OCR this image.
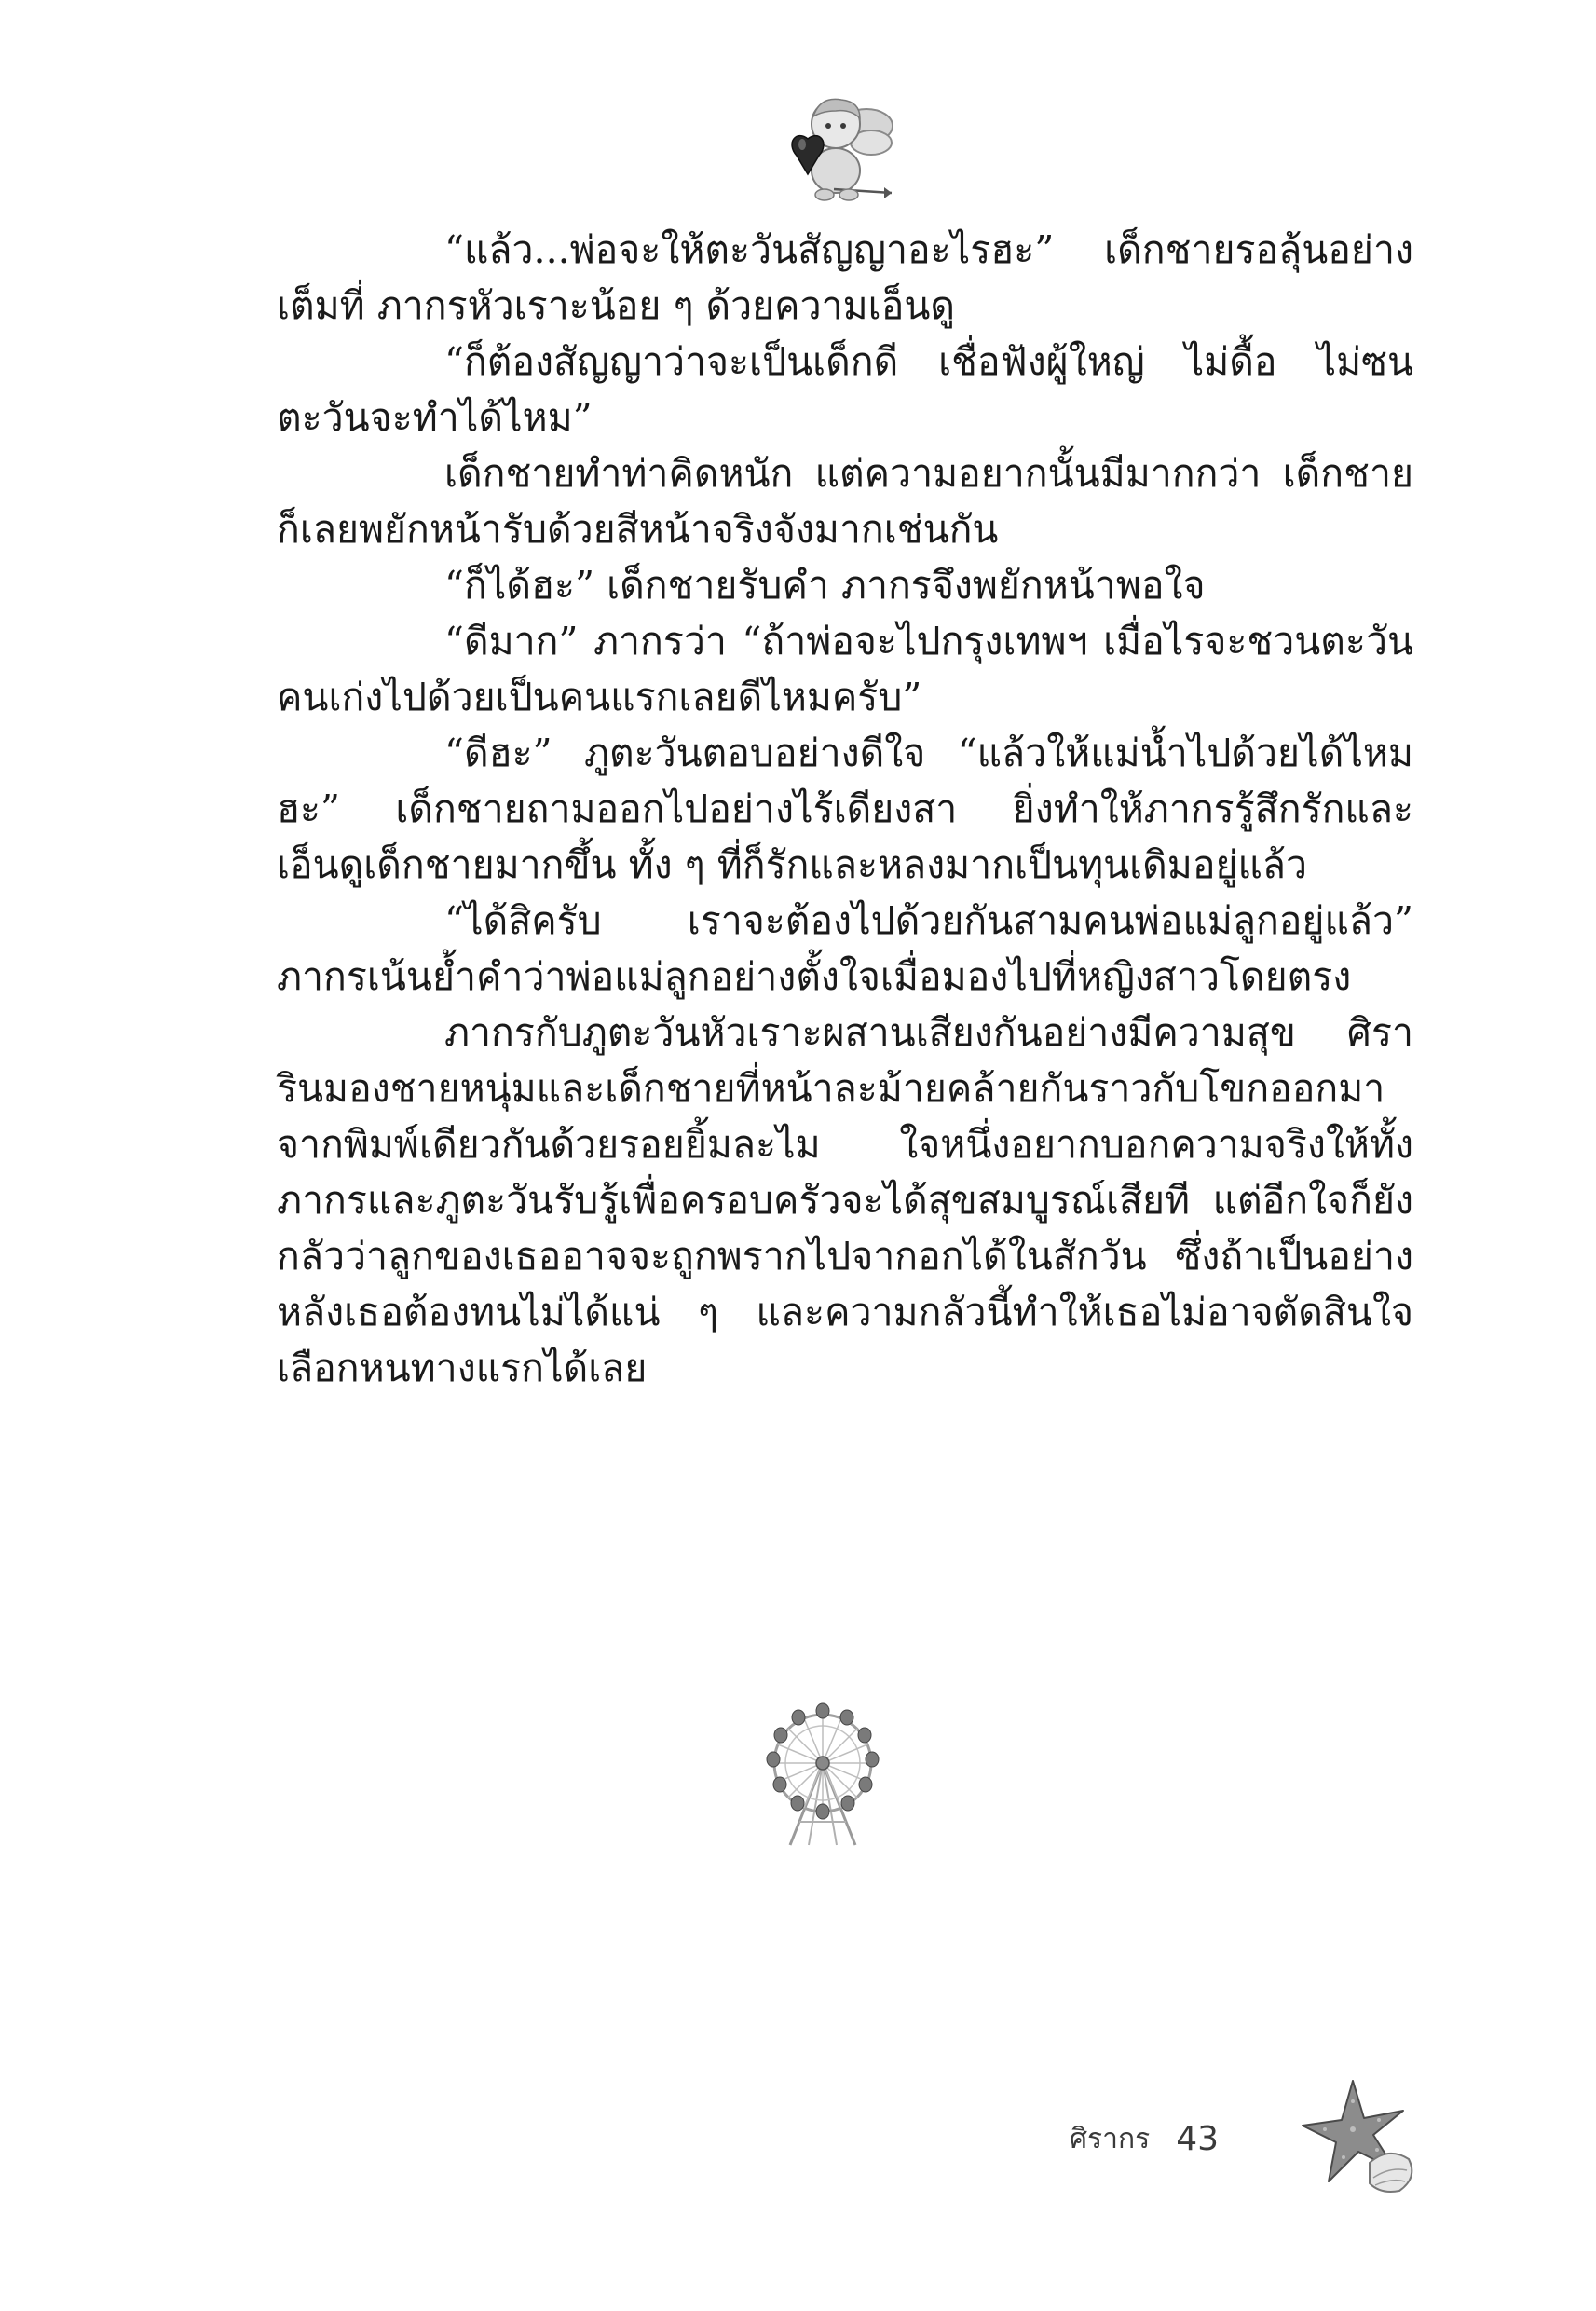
“แล้ว...พ่อจะให้ตะวันสัญญาอะไรฮะ” เด็กชายรอลุ้นอย่างเต็มที่ ภากรหัวเราะน้อย ๆ ด้วยความเอ็นดู

“ก็ต้องสัญญาว่าจะเป็นเด็กดี เชื่อฟังผู้ใหญ่ ไม่ดื้อ ไม่ซนตะวันจะทำได้ไหม”

เด็กชายทำท่าคิดหนัก แต่ความอยากนั้นมีมากกว่า เด็กชายก็เลยพยักหน้ารับด้วยสีหน้าจริงจังมากเช่นกัน

“ก็ได้ฮะ” เด็กชายรับคำ ภากรจึงพยักหน้าพอใจ

“ดีมาก” ภากรว่า “ถ้าพ่อจะไปกรุงเทพฯ เมื่อไรจะชวนตะวันคนเก่งไปด้วยเป็นคนแรกเลยดีไหมครับ”

“ดีฮะ” ภูตะวันตอบอย่างดีใจ “แล้วให้แม่น้ำไปด้วยได้ไหมฮะ” เด็กชายถามออกไปอย่างไร้เดียงสา ยิ่งทำให้ภากรรู้สึกรักและเอ็นดูเด็กชายมากขึ้น ทั้ง ๆ ที่ก็รักและหลงมากเป็นทุนเดิมอยู่แล้ว

“ได้สิครับ เราจะต้องไปด้วยกันสามคนพ่อแม่ลูกอยู่แล้ว” ภากรเน้นย้ำคำว่าพ่อแม่ลูกอย่างตั้งใจเมื่อมองไปที่หญิงสาวโดยตรง

ภากรกับภูตะวันหัวเราะผสานเสียงกันอย่างมีความสุข ศิรารินมองชายหนุ่มและเด็กชายที่หน้าละม้ายคล้ายกันราวกับโขกออกมาจากพิมพ์เดียวกันด้วยรอยยิ้มละไม ใจหนึ่งอยากบอกความจริงให้ทั้งภากรและภูตะวันรับรู้เพื่อครอบครัวจะได้สุขสมบูรณ์เสียที แต่อีกใจก็ยังกลัวว่าลูกของเธออาจจะถูกพรากไปจากอกได้ในสักวัน ซึ่งถ้าเป็นอย่างหลังเธอต้องทนไม่ได้แน่ ๆ และความกลัวนี้ทำให้เธอไม่อาจตัดสินใจเลือกหนทางแรกได้เลย

ศิรากร 43
